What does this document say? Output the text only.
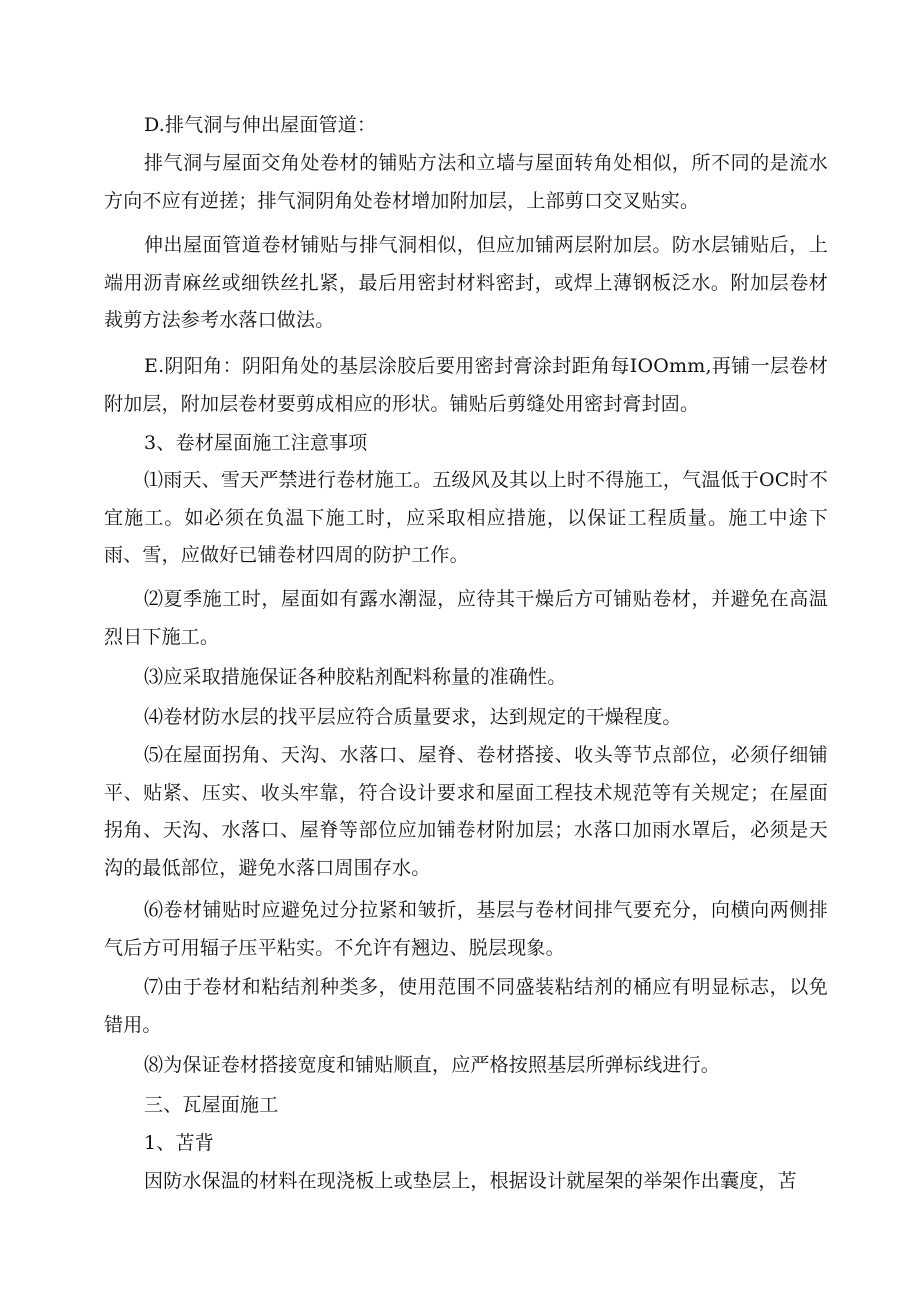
D.排气洞与伸出屋面管道：

排气洞与屋面交角处卷材的铺贴方法和立墙与屋面转角处相似，所不同的是流水方向不应有逆搓；排气洞阴角处卷材增加附加层，上部剪口交叉贴实。

伸出屋面管道卷材铺贴与排气洞相似，但应加铺两层附加层。防水层铺贴后，上端用沥青麻丝或细铁丝扎紧，最后用密封材料密封，或焊上薄钢板泛水。附加层卷材裁剪方法参考水落口做法。

E.阴阳角：阴阳角处的基层涂胶后要用密封膏涂封距角每IOOmm,再铺一层卷材附加层，附加层卷材要剪成相应的形状。铺贴后剪缝处用密封膏封固。

3、卷材屋面施工注意事项

⑴雨天、雪天严禁进行卷材施工。五级风及其以上时不得施工，气温低于OC时不宜施工。如必须在负温下施工时，应采取相应措施，以保证工程质量。施工中途下雨、雪，应做好已铺卷材四周的防护工作。

⑵夏季施工时，屋面如有露水潮湿，应待其干燥后方可铺贴卷材，并避免在高温烈日下施工。

⑶应采取措施保证各种胶粘剂配料称量的准确性。

⑷卷材防水层的找平层应符合质量要求，达到规定的干燥程度。

⑸在屋面拐角、天沟、水落口、屋脊、卷材搭接、收头等节点部位，必须仔细铺平、贴紧、压实、收头牢靠，符合设计要求和屋面工程技术规范等有关规定；在屋面拐角、天沟、水落口、屋脊等部位应加铺卷材附加层；水落口加雨水罩后，必须是天沟的最低部位，避免水落口周围存水。

⑹卷材铺贴时应避免过分拉紧和皱折，基层与卷材间排气要充分，向横向两侧排气后方可用辐子压平粘实。不允许有翘边、脱层现象。

⑺由于卷材和粘结剂种类多，使用范围不同盛装粘结剂的桶应有明显标志，以免错用。

⑻为保证卷材搭接宽度和铺贴顺直，应严格按照基层所弹标线进行。

三、瓦屋面施工

1、苫背

因防水保温的材料在现浇板上或垫层上，根据设计就屋架的举架作出囊度，苫
